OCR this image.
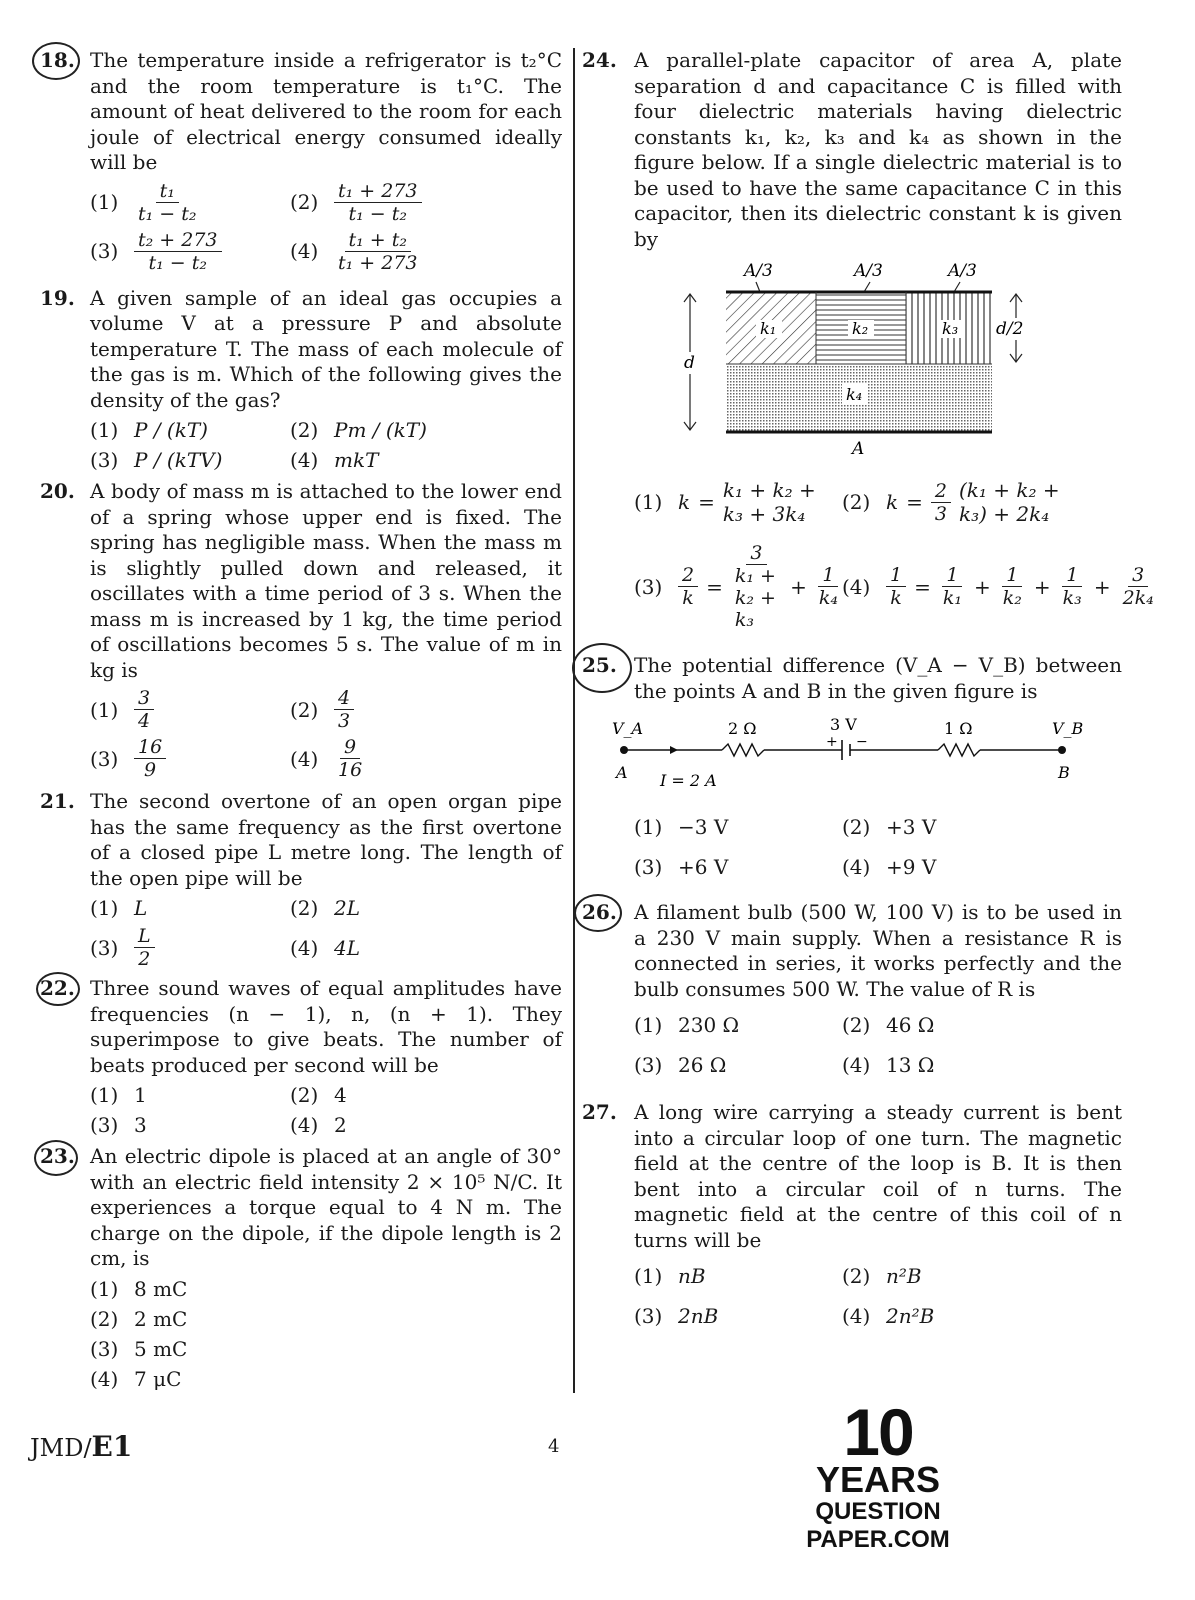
18. The temperature inside a refrigerator is t₂°C and the room temperature is t₁°C. The amount of heat delivered to the room for each joule of electrical energy consumed ideally will be
$(1) \frac{\text{t₁}}{\text{t₁ − t₂}}$	$(2) \frac{\text{t₁ + 273}}{\text{t₁ − t₂}}$
$(3) \frac{\text{t₂ + 273}}{\text{t₁ − t₂}}$	$(4) \frac{\text{t₁ + t₂}}{\text{t₁ + 273}}$
19. A given sample of an ideal gas occupies a volume V at a pressure P and absolute temperature T. The mass of each molecule of the gas is m. Which of the following gives the density of the gas?
(1) P / (kT)	(2) Pm / (kT)
(3) P / (kTV)	(4) mkT
20. A body of mass m is attached to the lower end of a spring whose upper end is fixed. The spring has negligible mass. When the mass m is slightly pulled down and released, it oscillates with a time period of 3 s. When the mass m is increased by 1 kg, the time period of oscillations becomes 5 s. The value of m in kg is
$(1) \frac{3}{4}$	$(2) \frac{4}{3}$
$(3) \frac{16}{9}$	$(4) \frac{9}{16}$
21. The second overtone of an open organ pipe has the same frequency as the first overtone of a closed pipe L metre long. The length of the open pipe will be
(1) L	(2) 2L
$(3) \frac{L}{2}$	(4) 4L
22. Three sound waves of equal amplitudes have frequencies (n − 1), n, (n + 1). They superimpose to give beats. The number of beats produced per second will be
(1) 1	(2) 4
(3) 3	(4) 2
23. An electric dipole is placed at an angle of 30° with an electric field intensity 2 × 10⁵ N/C. It experiences a torque equal to 4 N m. The charge on the dipole, if the dipole length is 2 cm, is
(1) 8 mC
(2) 2 mC
(3) 5 mC
(4) 7 μC
24. A parallel-plate capacitor of area A, plate separation d and capacitance C is filled with four dielectric materials having dielectric constants k₁, k₂, k₃ and k₄ as shown in the figure below. If a single dielectric material is to be used to have the same capacitance C in this capacitor, then its dielectric constant k is given by
A/3	A/3	A/3
k₁	k₂	k₃
k₄
d
d/2
A
(1) k = k₁ + k₂ + k₃ + 3k₄	(2) $k = \frac{2}{3} (k_1 + k_2 + k_3) + 2k_4$
$(3) \frac{2}{k} = \frac{3}{\text{k₁ + k₂ + k₃}} + \frac{1}{\text{k₄}} (4) \frac{1}{k} = \frac{1}{\text{k₁}} + \frac{1}{\text{k₂}} + \frac{1}{\text{k₃}} + \frac{3}{\text{2k₄}}$
25. The potential difference (V_A − V_B) between the points A and B in the given figure is
V_A	V_B
2 Ω	3 V
+ −
1 Ω
A	B
I = 2 A
(1) −3 V	(2) +3 V
(3) +6 V	(4) +9 V
26. A filament bulb (500 W, 100 V) is to be used in a 230 V main supply. When a resistance R is connected in series, it works perfectly and the bulb consumes 500 W. The value of R is
(1) 230 Ω	(2) 46 Ω
(3) 26 Ω	(4) 13 Ω
27. A long wire carrying a steady current is bent into a circular loop of one turn. The magnetic field at the centre of the loop is B. It is then bent into a circular coil of n turns. The magnetic field at the centre of this coil of n turns will be
(1) nB	(2) n²B
(3) 2nB	(4) 2n²B
JMD/E1	4	10
YEARS
QUESTION PAPER.COM
